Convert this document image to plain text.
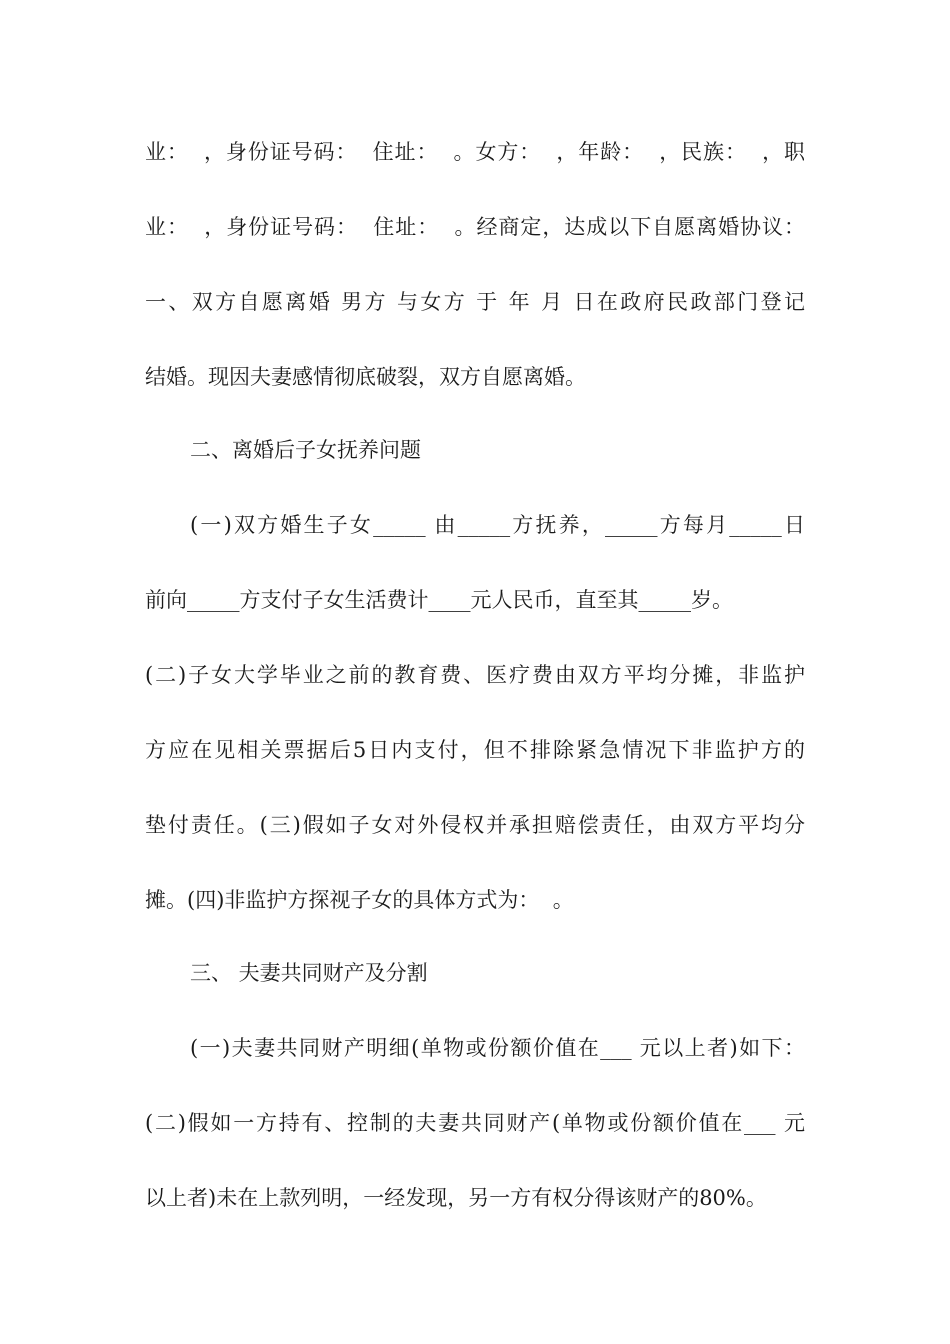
业：  ，身份证号码：  住址：  。女方：  ，年龄：  ，民族：  ，职
业：  ，身份证号码：  住址：  。经商定，达成以下自愿离婚协议：
一、双方自愿离婚 男方 与女方 于 年 月 日在政府民政部门登记
结婚。现因夫妻感情彻底破裂，双方自愿离婚。
二、离婚后子女抚养问题
(一)双方婚生子女_____ 由_____方抚养，_____方每月_____日
前向_____方支付子女生活费计____元人民币，直至其_____岁。
(二)子女大学毕业之前的教育费、医疗费由双方平均分摊，非监护
方应在见相关票据后5日内支付，但不排除紧急情况下非监护方的
垫付责任。(三)假如子女对外侵权并承担赔偿责任，由双方平均分
摊。(四)非监护方探视子女的具体方式为：  。
三、 夫妻共同财产及分割
(一)夫妻共同财产明细(单物或份额价值在___ 元以上者)如下：
(二)假如一方持有、控制的夫妻共同财产(单物或份额价值在___ 元
以上者)未在上款列明，一经发现，另一方有权分得该财产的80%。
